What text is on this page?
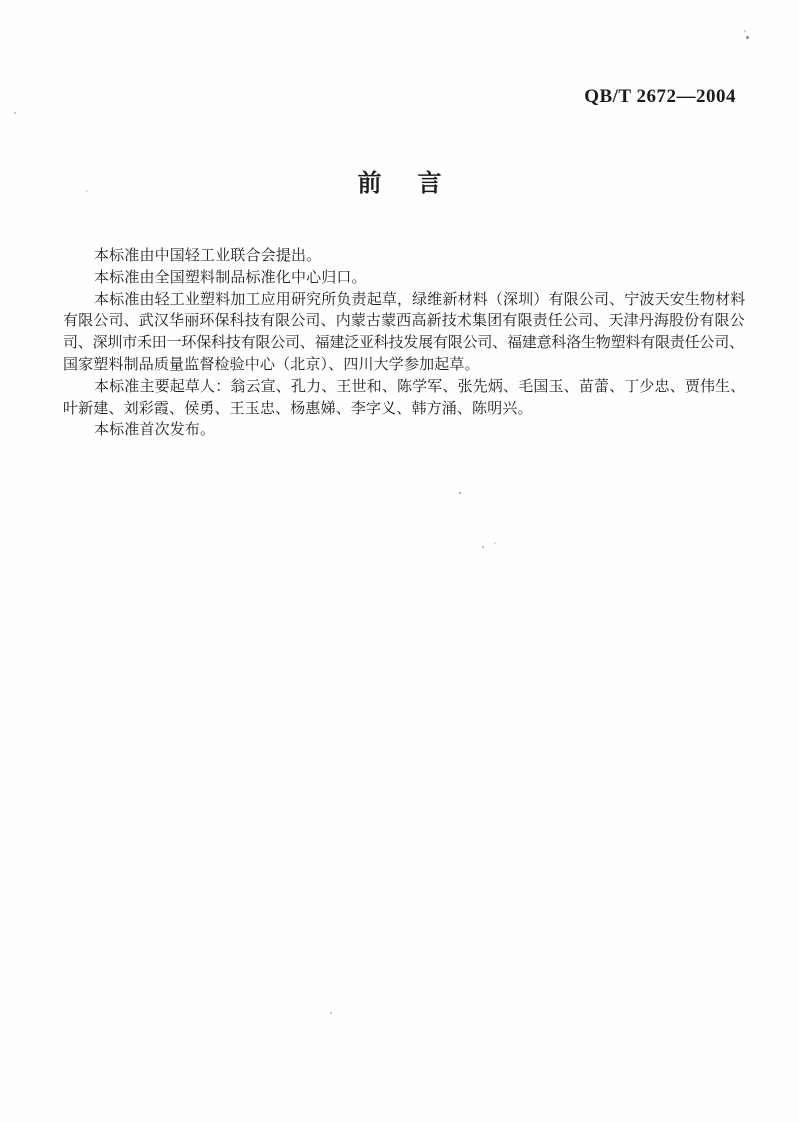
QB/T 2672—2004
前　言
本标准由中国轻工业联合会提出。
本标准由全国塑料制品标准化中心归口。
本标准由轻工业塑料加工应用研究所负责起草，绿维新材料（深圳）有限公司、宁波天安生物材料
有限公司、武汉华丽环保科技有限公司、内蒙古蒙西高新技术集团有限责任公司、天津丹海股份有限公
司、深圳市禾田一环保科技有限公司、福建泛亚科技发展有限公司、福建意科洛生物塑料有限责任公司、
国家塑料制品质量监督检验中心（北京）、四川大学参加起草。
本标准主要起草人：翁云宣、孔力、王世和、陈学军、张先炳、毛国玉、苗蕾、丁少忠、贾伟生、
叶新建、刘彩霞、侯勇、王玉忠、杨惠娣、李字义、韩方涌、陈明兴。
本标准首次发布。
